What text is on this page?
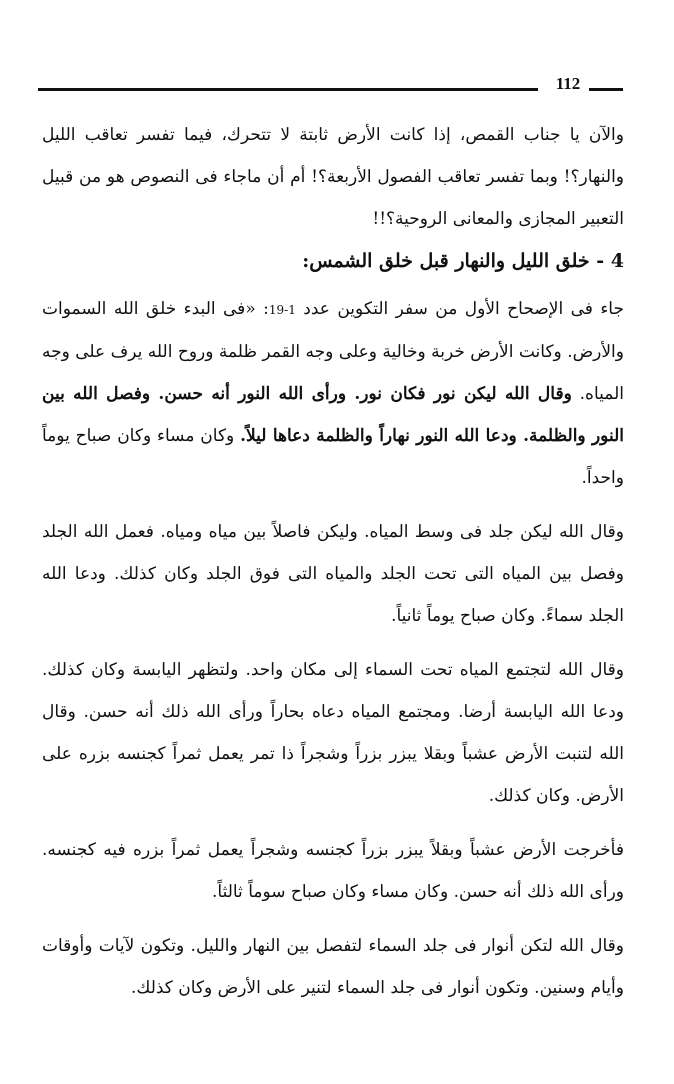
112

والآن يا جناب القمص، إذا كانت الأرض ثابتة لا تتحرك، فيما تفسر تعاقب الليل والنهار؟! وبما تفسر تعاقب الفصول الأربعة؟! أم أن ماجاء فى النصوص هو من قبيل التعبير المجازى والمعانى الروحية؟!!

4 - خلق الليل والنهار قبل خلق الشمس:

جاء فى الإصحاح الأول من سفر التكوين عدد 1-19: «فى البدء خلق الله السموات والأرض. وكانت الأرض خربة وخالية وعلى وجه القمر ظلمة وروح الله يرف على وجه المياه. وقال الله ليكن نور فكان نور. ورأى الله النور أنه حسن. وفصل الله بين النور والظلمة. ودعا الله النور نهاراً والظلمة دعاها ليلاً. وكان مساء وكان صباح يوماً واحداً.

وقال الله ليكن جلد فى وسط المياه. وليكن فاصلاً بين مياه ومياه. فعمل الله الجلد وفصل بين المياه التى تحت الجلد والمياه التى فوق الجلد وكان كذلك. ودعا الله الجلد سماءً. وكان صباح يوماً ثانياً.

وقال الله لتجتمع المياه تحت السماء إلى مكان واحد. ولتظهر اليابسة وكان كذلك. ودعا الله اليابسة أرضا. ومجتمع المياه دعاه بحاراً ورأى الله ذلك أنه حسن. وقال الله لتنبت الأرض عشباً وبقلا يبزر بزراً وشجراً ذا تمر يعمل ثمراً كجنسه بزره على الأرض. وكان كذلك.

فأخرجت الأرض عشباً وبقلاً يبزر بزراً كجنسه وشجراً يعمل ثمراً بزره فيه كجنسه. ورأى الله ذلك أنه حسن. وكان مساء وكان صباح سوماً ثالثاً.

وقال الله لتكن أنوار فى جلد السماء لتفصل بين النهار والليل. وتكون لآيات وأوقات وأيام وسنين. وتكون أنوار فى جلد السماء لتنير على الأرض وكان كذلك.
